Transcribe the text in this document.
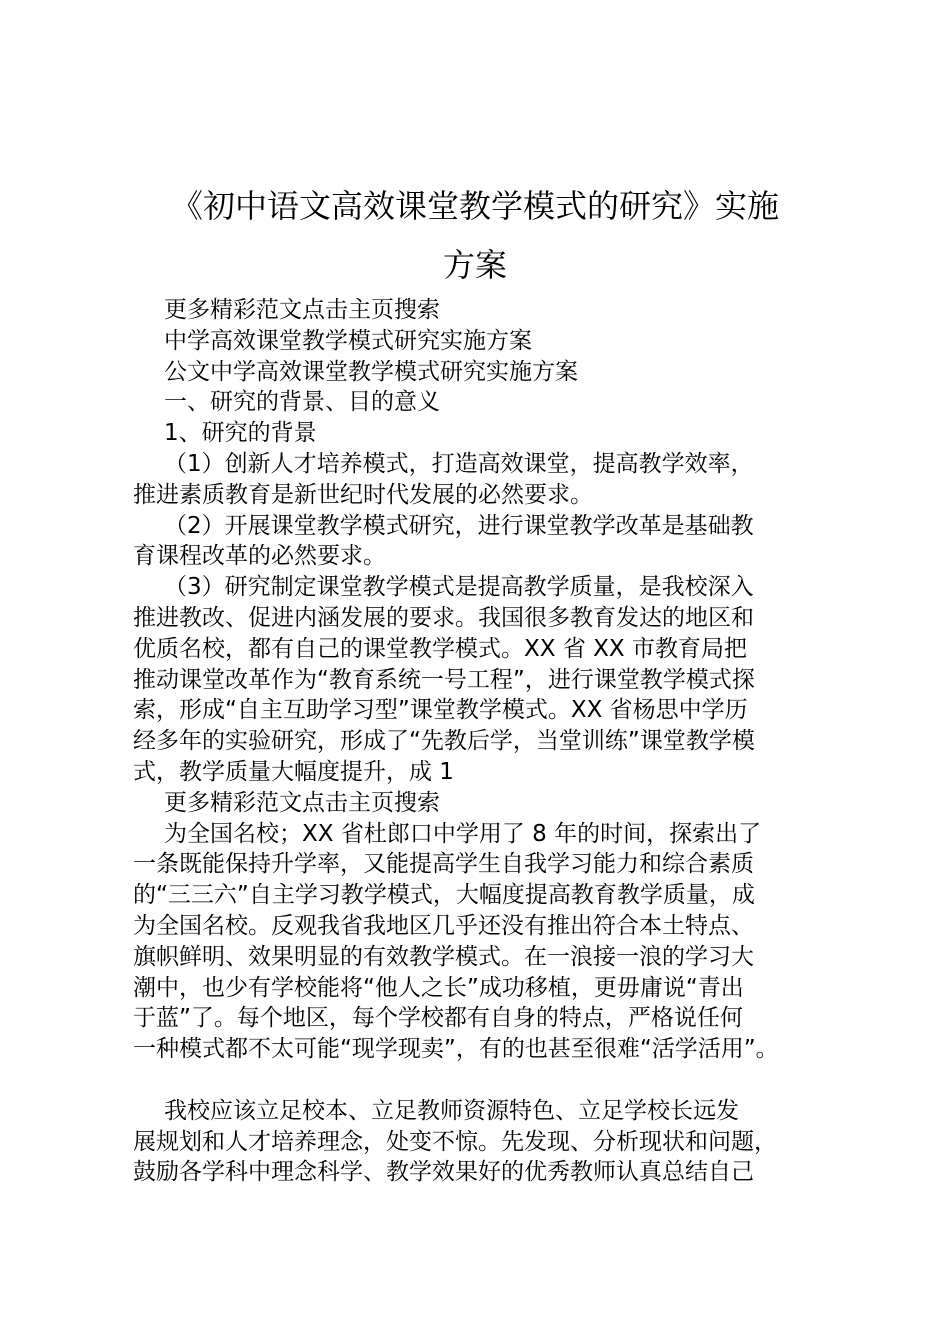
《初中语文高效课堂教学模式的研究》实施
方案
更多精彩范文点击主页搜索
中学高效课堂教学模式研究实施方案
公文中学高效课堂教学模式研究实施方案
一、研究的背景、目的意义
1、研究的背景
（1）创新人才培养模式，打造高效课堂，提高教学效率，
推进素质教育是新世纪时代发展的必然要求。
（2）开展课堂教学模式研究，进行课堂教学改革是基础教
育课程改革的必然要求。
（3）研究制定课堂教学模式是提高教学质量，是我校深入
推进教改、促进内涵发展的要求。我国很多教育发达的地区和
优质名校，都有自己的课堂教学模式。XX 省 XX 市教育局把
推动课堂改革作为“教育系统一号工程”，进行课堂教学模式探
索，形成“自主互助学习型”课堂教学模式。XX 省杨思中学历
经多年的实验研究，形成了“先教后学，当堂训练”课堂教学模
式，教学质量大幅度提升，成 1
更多精彩范文点击主页搜索
为全国名校；XX 省杜郎口中学用了 8 年的时间，探索出了
一条既能保持升学率，又能提高学生自我学习能力和综合素质
的“三三六”自主学习教学模式，大幅度提高教育教学质量，成
为全国名校。反观我省我地区几乎还没有推出符合本土特点、
旗帜鲜明、效果明显的有效教学模式。在一浪接一浪的学习大
潮中，也少有学校能将“他人之长”成功移植，更毋庸说“青出
于蓝”了。每个地区，每个学校都有自身的特点，严格说任何
一种模式都不太可能“现学现卖”，有的也甚至很难“活学活用”。
我校应该立足校本、立足教师资源特色、立足学校长远发
展规划和人才培养理念，处变不惊。先发现、分析现状和问题，
鼓励各学科中理念科学、教学效果好的优秀教师认真总结自己
